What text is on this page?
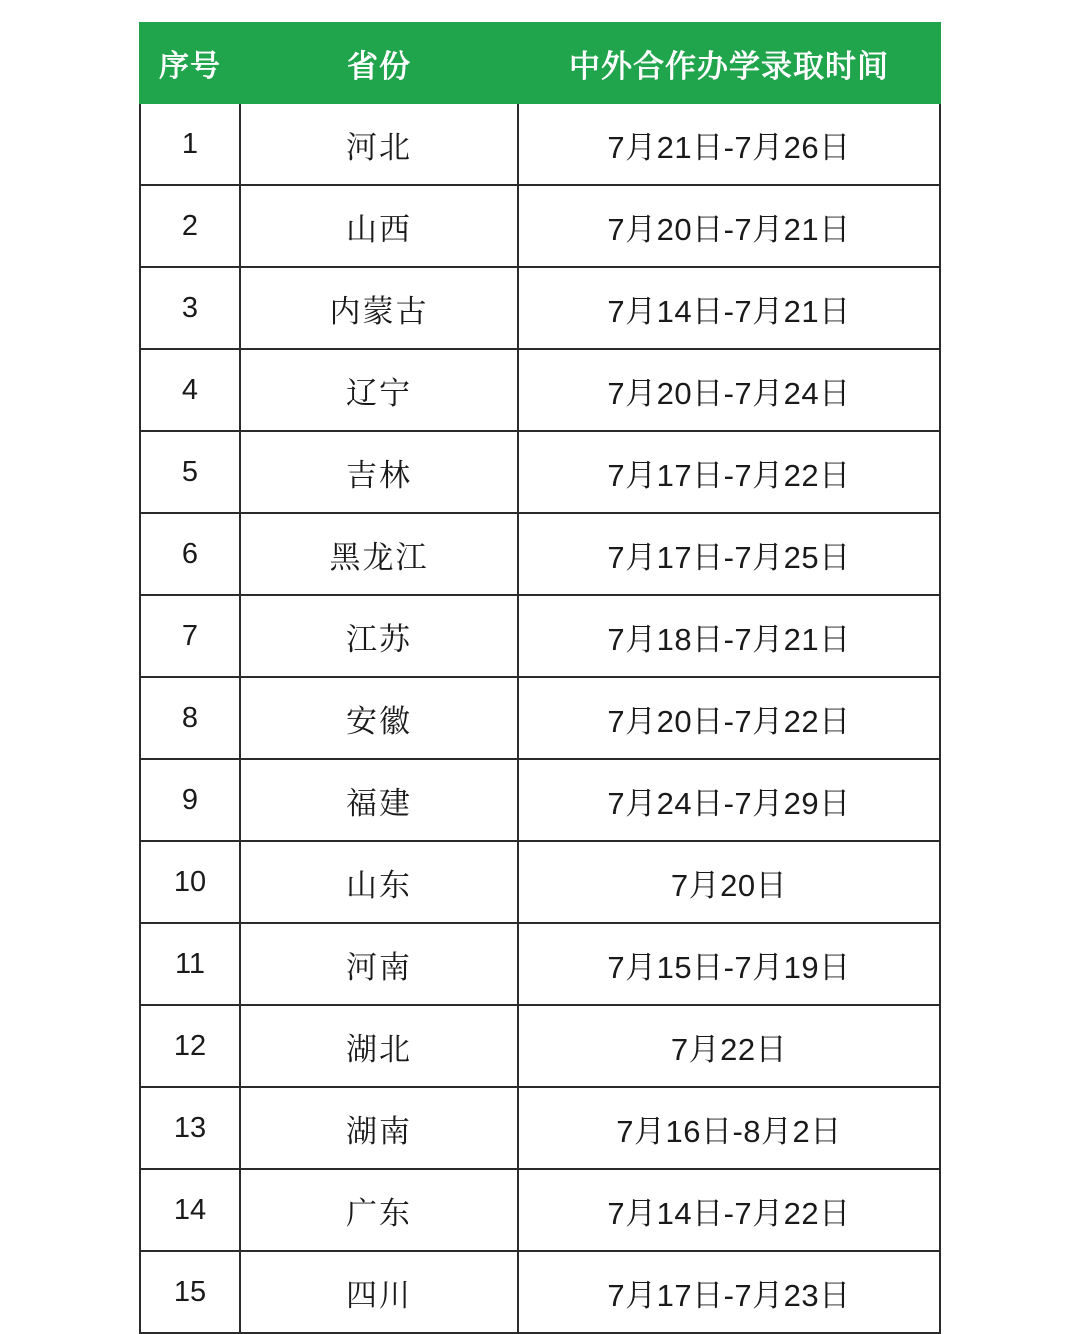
序号	省份	中外合作办学录取时间
1	河北	7月21日-7月26日
2	山西	7月20日-7月21日
3	内蒙古	7月14日-7月21日
4	辽宁	7月20日-7月24日
5	吉林	7月17日-7月22日
6	黑龙江	7月17日-7月25日
7	江苏	7月18日-7月21日
8	安徽	7月20日-7月22日
9	福建	7月24日-7月29日
10	山东	7月20日
11	河南	7月15日-7月19日
12	湖北	7月22日
13	湖南	7月16日-8月2日
14	广东	7月14日-7月22日
15	四川	7月17日-7月23日
